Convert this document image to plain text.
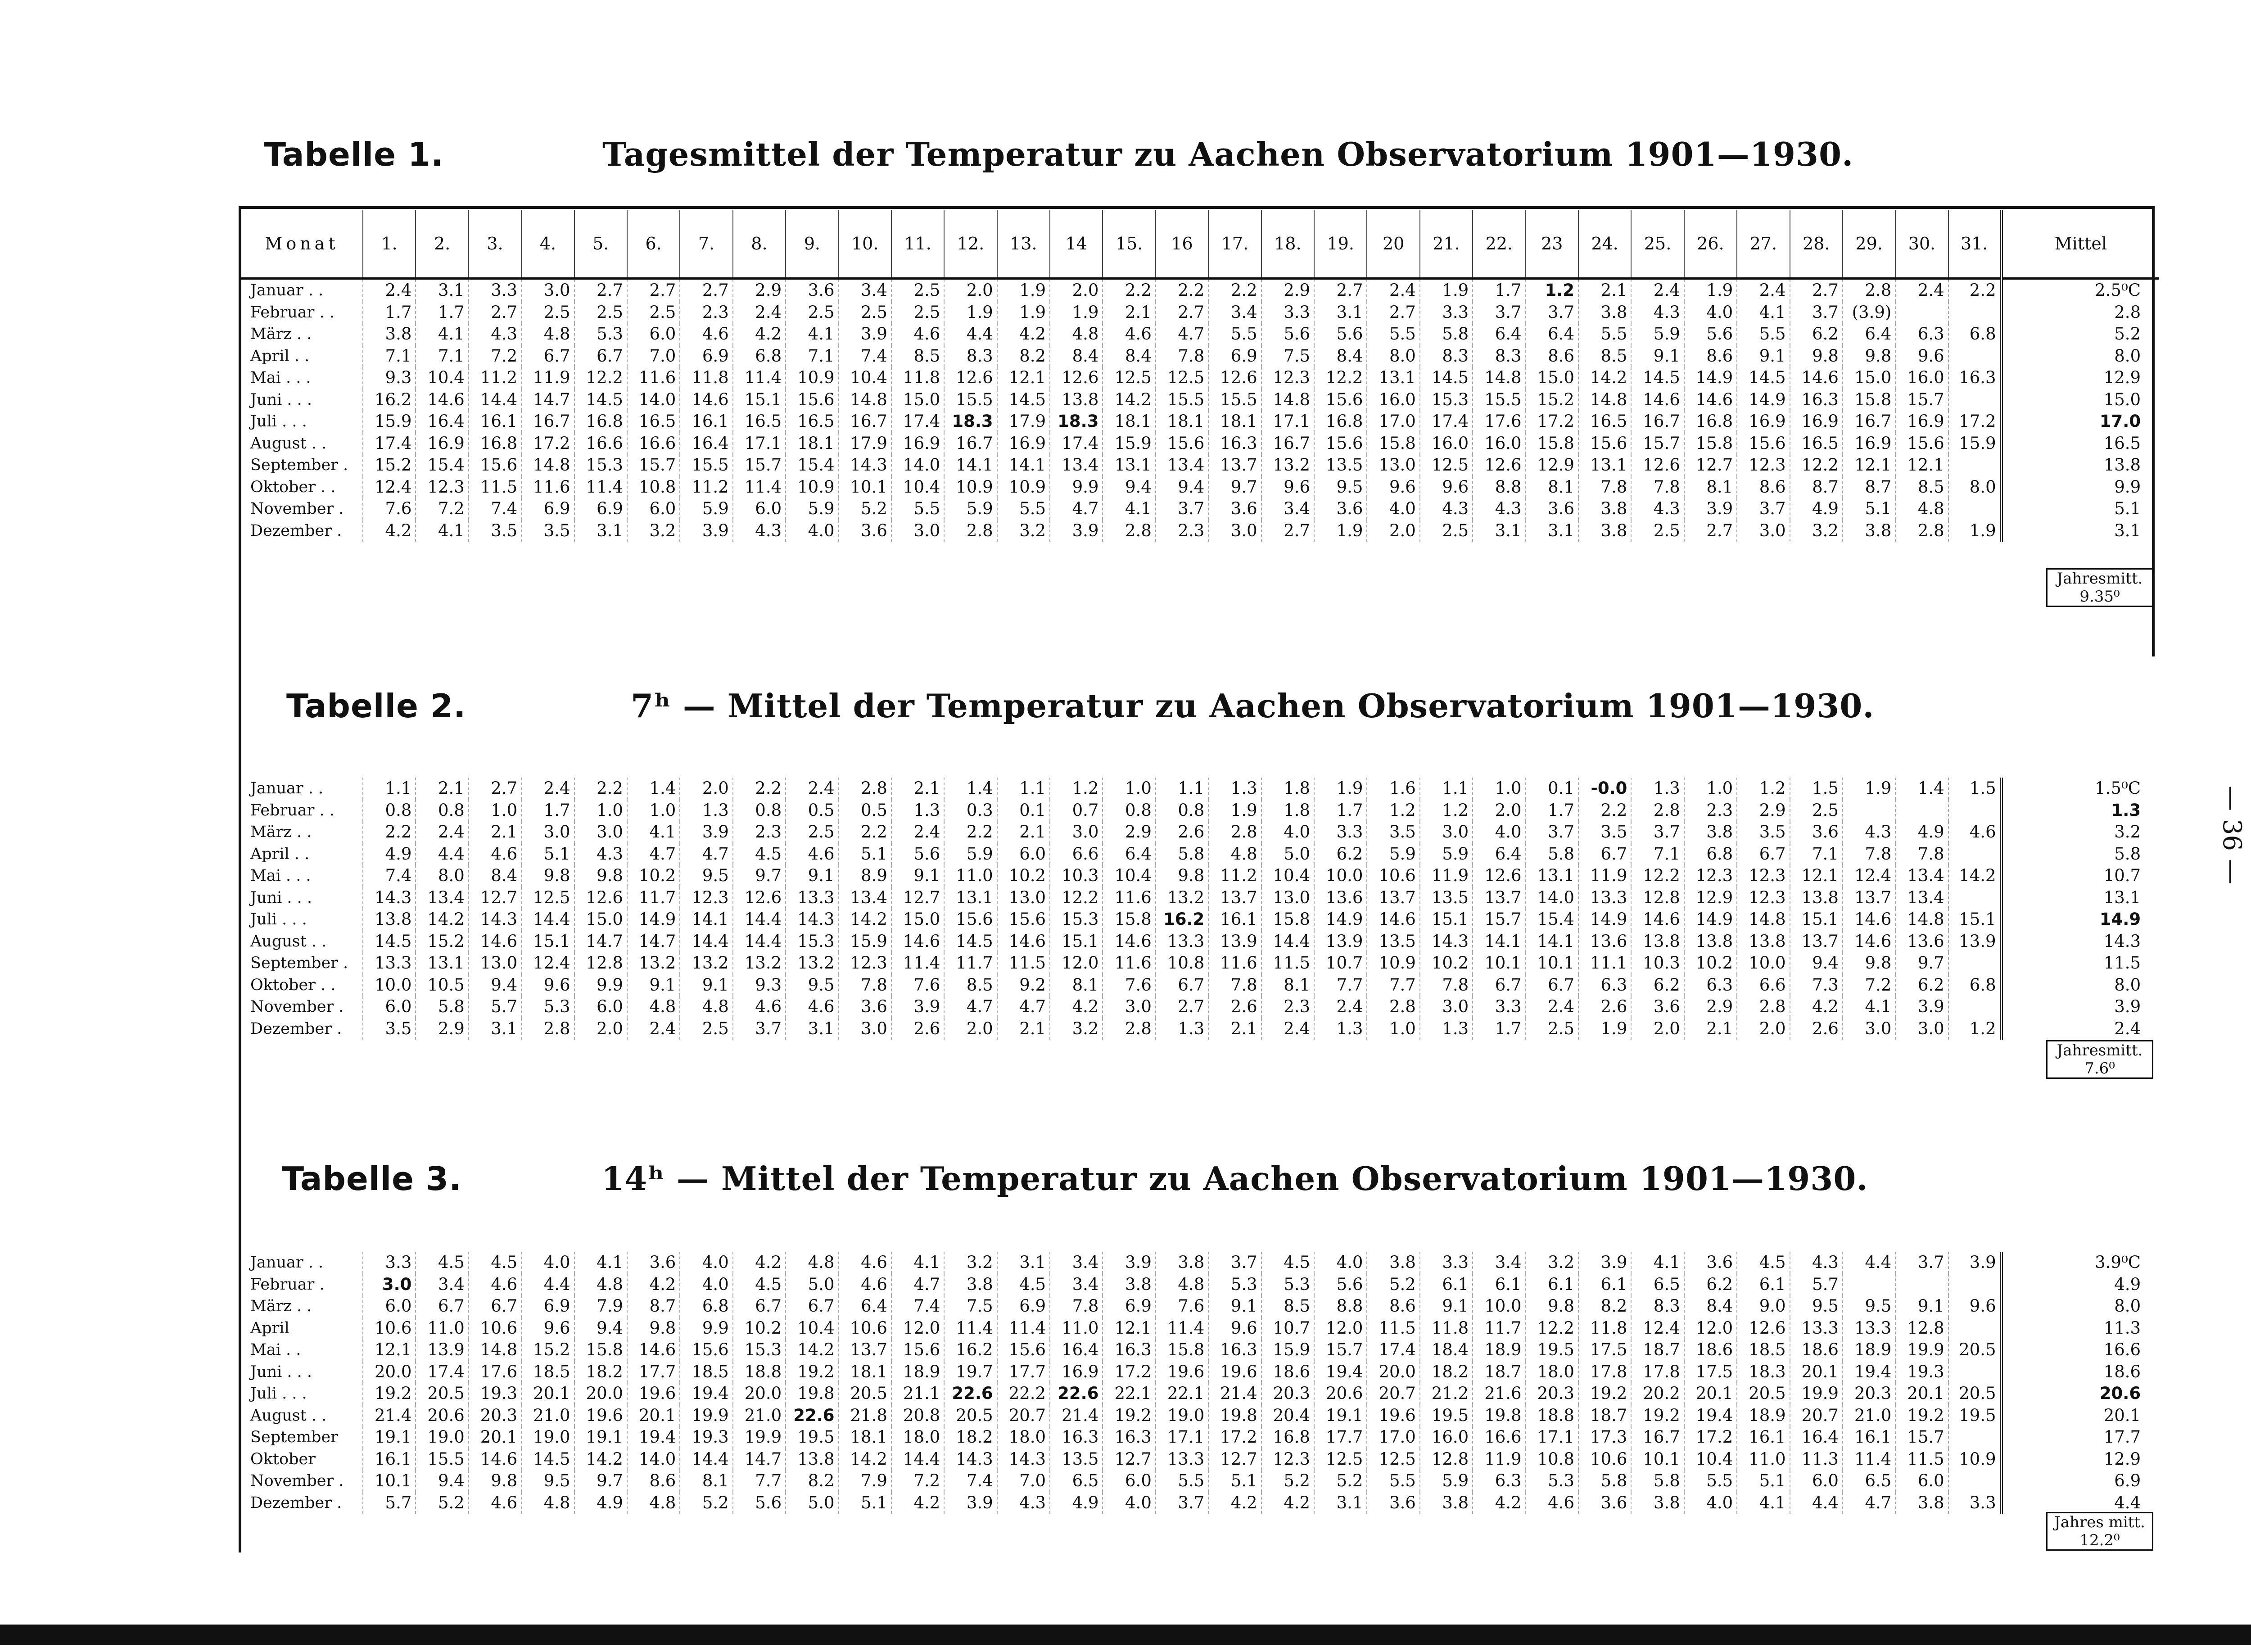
— 36 —
Tabelle 1.	Tagesmittel der Temperatur zu Aachen Observatorium 1901—1930.
Tabelle 2.	7ʰ — Mittel der Temperatur zu Aachen Observatorium 1901—1930.
Tabelle 3.	14ʰ — Mittel der Temperatur zu Aachen Observatorium 1901—1930.
Monat	1.	2.	3.	4.	5.	6.	7.	8.	9.	10.	11.	12.	13.	14	15.	16	17.	18.	19.	20	21.	22.	23	24.	25.	26.	27.	28.	29.	30.	31.	Mittel
Januar . .	2.4	3.1	3.3	3.0	2.7	2.7	2.7	2.9	3.6	3.4	2.5	2.0	1.9	2.0	2.2	2.2	2.2	2.9	2.7	2.4	1.9	1.7	1.2	2.1	2.4	1.9	2.4	2.7	2.8	2.4	2.2	2.5⁰C
Februar . .	1.7	1.7	2.7	2.5	2.5	2.5	2.3	2.4	2.5	2.5	2.5	1.9	1.9	1.9	2.1	2.7	3.4	3.3	3.1	2.7	3.3	3.7	3.7	3.8	4.3	4.0	4.1	3.7	(3.9)			2.8
März . .	3.8	4.1	4.3	4.8	5.3	6.0	4.6	4.2	4.1	3.9	4.6	4.4	4.2	4.8	4.6	4.7	5.5	5.6	5.6	5.5	5.8	6.4	6.4	5.5	5.9	5.6	5.5	6.2	6.4	6.3	6.8	5.2
April . .	7.1	7.1	7.2	6.7	6.7	7.0	6.9	6.8	7.1	7.4	8.5	8.3	8.2	8.4	8.4	7.8	6.9	7.5	8.4	8.0	8.3	8.3	8.6	8.5	9.1	8.6	9.1	9.8	9.8	9.6		8.0
Mai . . .	9.3	10.4	11.2	11.9	12.2	11.6	11.8	11.4	10.9	10.4	11.8	12.6	12.1	12.6	12.5	12.5	12.6	12.3	12.2	13.1	14.5	14.8	15.0	14.2	14.5	14.9	14.5	14.6	15.0	16.0	16.3	12.9
Juni . . .	16.2	14.6	14.4	14.7	14.5	14.0	14.6	15.1	15.6	14.8	15.0	15.5	14.5	13.8	14.2	15.5	15.5	14.8	15.6	16.0	15.3	15.5	15.2	14.8	14.6	14.6	14.9	16.3	15.8	15.7		15.0
Juli . . .	15.9	16.4	16.1	16.7	16.8	16.5	16.1	16.5	16.5	16.7	17.4	18.3	17.9	18.3	18.1	18.1	18.1	17.1	16.8	17.0	17.4	17.6	17.2	16.5	16.7	16.8	16.9	16.9	16.7	16.9	17.2	17.0
August . .	17.4	16.9	16.8	17.2	16.6	16.6	16.4	17.1	18.1	17.9	16.9	16.7	16.9	17.4	15.9	15.6	16.3	16.7	15.6	15.8	16.0	16.0	15.8	15.6	15.7	15.8	15.6	16.5	16.9	15.6	15.9	16.5
September .	15.2	15.4	15.6	14.8	15.3	15.7	15.5	15.7	15.4	14.3	14.0	14.1	14.1	13.4	13.1	13.4	13.7	13.2	13.5	13.0	12.5	12.6	12.9	13.1	12.6	12.7	12.3	12.2	12.1	12.1		13.8
Oktober . .	12.4	12.3	11.5	11.6	11.4	10.8	11.2	11.4	10.9	10.1	10.4	10.9	10.9	9.9	9.4	9.4	9.7	9.6	9.5	9.6	9.6	8.8	8.1	7.8	7.8	8.1	8.6	8.7	8.7	8.5	8.0	9.9
November .	7.6	7.2	7.4	6.9	6.9	6.0	5.9	6.0	5.9	5.2	5.5	5.9	5.5	4.7	4.1	3.7	3.6	3.4	3.6	4.0	4.3	4.3	3.6	3.8	4.3	3.9	3.7	4.9	5.1	4.8		5.1
Dezember .	4.2	4.1	3.5	3.5	3.1	3.2	3.9	4.3	4.0	3.6	3.0	2.8	3.2	3.9	2.8	2.3	3.0	2.7	1.9	2.0	2.5	3.1	3.1	3.8	2.5	2.7	3.0	3.2	3.8	2.8	1.9	3.1
Jahresmitt.
9.35⁰
Januar . .	1.1	2.1	2.7	2.4	2.2	1.4	2.0	2.2	2.4	2.8	2.1	1.4	1.1	1.2	1.0	1.1	1.3	1.8	1.9	1.6	1.1	1.0	0.1	-0.0	1.3	1.0	1.2	1.5	1.9	1.4	1.5	1.5⁰C
Februar . .	0.8	0.8	1.0	1.7	1.0	1.0	1.3	0.8	0.5	0.5	1.3	0.3	0.1	0.7	0.8	0.8	1.9	1.8	1.7	1.2	1.2	2.0	1.7	2.2	2.8	2.3	2.9	2.5				1.3
März . .	2.2	2.4	2.1	3.0	3.0	4.1	3.9	2.3	2.5	2.2	2.4	2.2	2.1	3.0	2.9	2.6	2.8	4.0	3.3	3.5	3.0	4.0	3.7	3.5	3.7	3.8	3.5	3.6	4.3	4.9	4.6	3.2
April . .	4.9	4.4	4.6	5.1	4.3	4.7	4.7	4.5	4.6	5.1	5.6	5.9	6.0	6.6	6.4	5.8	4.8	5.0	6.2	5.9	5.9	6.4	5.8	6.7	7.1	6.8	6.7	7.1	7.8	7.8		5.8
Mai . . .	7.4	8.0	8.4	9.8	9.8	10.2	9.5	9.7	9.1	8.9	9.1	11.0	10.2	10.3	10.4	9.8	11.2	10.4	10.0	10.6	11.9	12.6	13.1	11.9	12.2	12.3	12.3	12.1	12.4	13.4	14.2	10.7
Juni . . .	14.3	13.4	12.7	12.5	12.6	11.7	12.3	12.6	13.3	13.4	12.7	13.1	13.0	12.2	11.6	13.2	13.7	13.0	13.6	13.7	13.5	13.7	14.0	13.3	12.8	12.9	12.3	13.8	13.7	13.4		13.1
Juli . . .	13.8	14.2	14.3	14.4	15.0	14.9	14.1	14.4	14.3	14.2	15.0	15.6	15.6	15.3	15.8	16.2	16.1	15.8	14.9	14.6	15.1	15.7	15.4	14.9	14.6	14.9	14.8	15.1	14.6	14.8	15.1	14.9
August . .	14.5	15.2	14.6	15.1	14.7	14.7	14.4	14.4	15.3	15.9	14.6	14.5	14.6	15.1	14.6	13.3	13.9	14.4	13.9	13.5	14.3	14.1	14.1	13.6	13.8	13.8	13.8	13.7	14.6	13.6	13.9	14.3
September .	13.3	13.1	13.0	12.4	12.8	13.2	13.2	13.2	13.2	12.3	11.4	11.7	11.5	12.0	11.6	10.8	11.6	11.5	10.7	10.9	10.2	10.1	10.1	11.1	10.3	10.2	10.0	9.4	9.8	9.7		11.5
Oktober . .	10.0	10.5	9.4	9.6	9.9	9.1	9.1	9.3	9.5	7.8	7.6	8.5	9.2	8.1	7.6	6.7	7.8	8.1	7.7	7.7	7.8	6.7	6.7	6.3	6.2	6.3	6.6	7.3	7.2	6.2	6.8	8.0
November .	6.0	5.8	5.7	5.3	6.0	4.8	4.8	4.6	4.6	3.6	3.9	4.7	4.7	4.2	3.0	2.7	2.6	2.3	2.4	2.8	3.0	3.3	2.4	2.6	3.6	2.9	2.8	4.2	4.1	3.9		3.9
Dezember .	3.5	2.9	3.1	2.8	2.0	2.4	2.5	3.7	3.1	3.0	2.6	2.0	2.1	3.2	2.8	1.3	2.1	2.4	1.3	1.0	1.3	1.7	2.5	1.9	2.0	2.1	2.0	2.6	3.0	3.0	1.2	2.4
Jahresmitt.
7.6⁰
Januar . .	3.3	4.5	4.5	4.0	4.1	3.6	4.0	4.2	4.8	4.6	4.1	3.2	3.1	3.4	3.9	3.8	3.7	4.5	4.0	3.8	3.3	3.4	3.2	3.9	4.1	3.6	4.5	4.3	4.4	3.7	3.9	3.9⁰C
Februar .	3.0	3.4	4.6	4.4	4.8	4.2	4.0	4.5	5.0	4.6	4.7	3.8	4.5	3.4	3.8	4.8	5.3	5.3	5.6	5.2	6.1	6.1	6.1	6.1	6.5	6.2	6.1	5.7				4.9
März . .	6.0	6.7	6.7	6.9	7.9	8.7	6.8	6.7	6.7	6.4	7.4	7.5	6.9	7.8	6.9	7.6	9.1	8.5	8.8	8.6	9.1	10.0	9.8	8.2	8.3	8.4	9.0	9.5	9.5	9.1	9.6	8.0
April	10.6	11.0	10.6	9.6	9.4	9.8	9.9	10.2	10.4	10.6	12.0	11.4	11.4	11.0	12.1	11.4	9.6	10.7	12.0	11.5	11.8	11.7	12.2	11.8	12.4	12.0	12.6	13.3	13.3	12.8		11.3
Mai . .	12.1	13.9	14.8	15.2	15.8	14.6	15.6	15.3	14.2	13.7	15.6	16.2	15.6	16.4	16.3	15.8	16.3	15.9	15.7	17.4	18.4	18.9	19.5	17.5	18.7	18.6	18.5	18.6	18.9	19.9	20.5	16.6
Juni . . .	20.0	17.4	17.6	18.5	18.2	17.7	18.5	18.8	19.2	18.1	18.9	19.7	17.7	16.9	17.2	19.6	19.6	18.6	19.4	20.0	18.2	18.7	18.0	17.8	17.8	17.5	18.3	20.1	19.4	19.3		18.6
Juli . . .	19.2	20.5	19.3	20.1	20.0	19.6	19.4	20.0	19.8	20.5	21.1	22.6	22.2	22.6	22.1	22.1	21.4	20.3	20.6	20.7	21.2	21.6	20.3	19.2	20.2	20.1	20.5	19.9	20.3	20.1	20.5	20.6
August . .	21.4	20.6	20.3	21.0	19.6	20.1	19.9	21.0	22.6	21.8	20.8	20.5	20.7	21.4	19.2	19.0	19.8	20.4	19.1	19.6	19.5	19.8	18.8	18.7	19.2	19.4	18.9	20.7	21.0	19.2	19.5	20.1
September	19.1	19.0	20.1	19.0	19.1	19.4	19.3	19.9	19.5	18.1	18.0	18.2	18.0	16.3	16.3	17.1	17.2	16.8	17.7	17.0	16.0	16.6	17.1	17.3	16.7	17.2	16.1	16.4	16.1	15.7		17.7
Oktober	16.1	15.5	14.6	14.5	14.2	14.0	14.4	14.7	13.8	14.2	14.4	14.3	14.3	13.5	12.7	13.3	12.7	12.3	12.5	12.5	12.8	11.9	10.8	10.6	10.1	10.4	11.0	11.3	11.4	11.5	10.9	12.9
November .	10.1	9.4	9.8	9.5	9.7	8.6	8.1	7.7	8.2	7.9	7.2	7.4	7.0	6.5	6.0	5.5	5.1	5.2	5.2	5.5	5.9	6.3	5.3	5.8	5.8	5.5	5.1	6.0	6.5	6.0		6.9
Dezember .	5.7	5.2	4.6	4.8	4.9	4.8	5.2	5.6	5.0	5.1	4.2	3.9	4.3	4.9	4.0	3.7	4.2	4.2	3.1	3.6	3.8	4.2	4.6	3.6	3.8	4.0	4.1	4.4	4.7	3.8	3.3	4.4
Jahres mitt.
12.2⁰
